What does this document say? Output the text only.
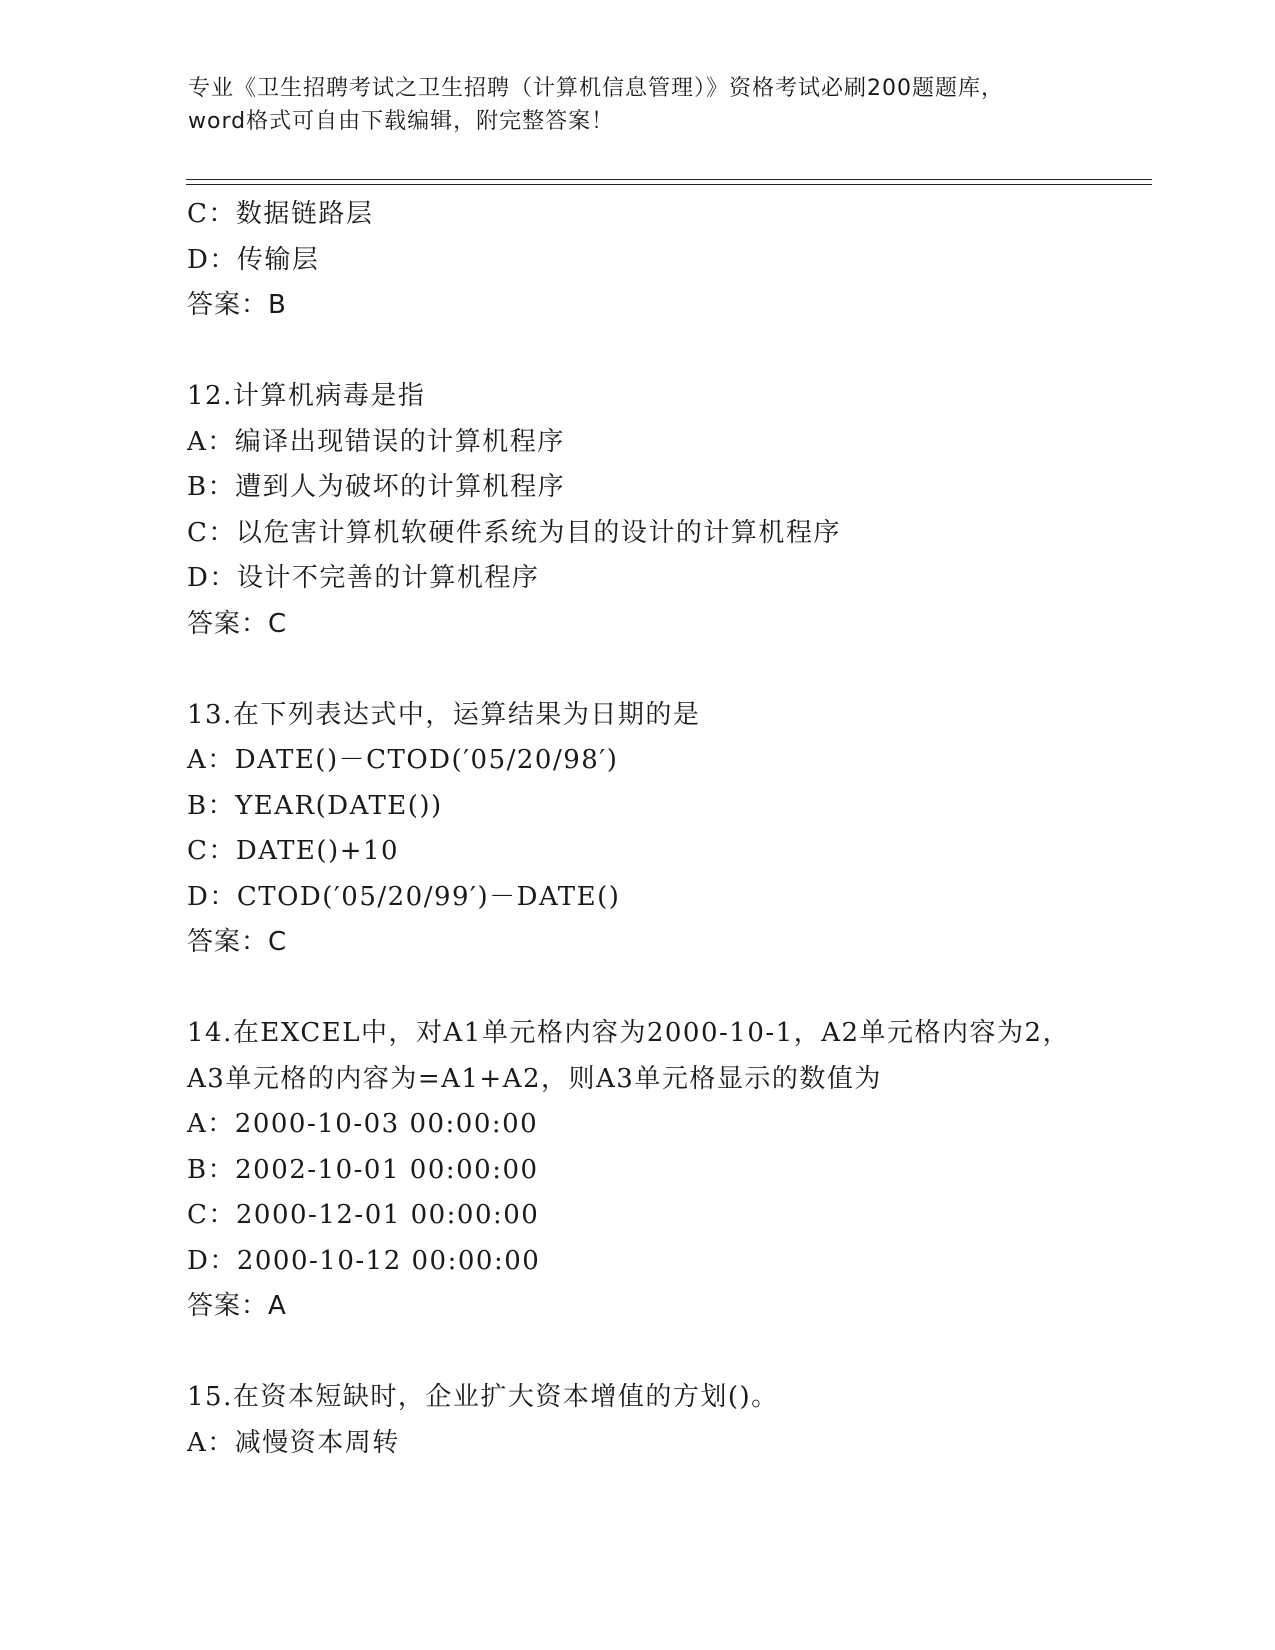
专业《卫生招聘考试之卫生招聘（计算机信息管理）》资格考试必刷200题题库，
word格式可自由下载编辑，附完整答案！
C：数据链路层
D：传输层
答案：B
12.计算机病毒是指
A：编译出现错误的计算机程序
B：遭到人为破坏的计算机程序
C：以危害计算机软硬件系统为目的设计的计算机程序
D：设计不完善的计算机程序
答案：C
13.在下列表达式中，运算结果为日期的是
A：DATE()－CTOD(′05/20/98′)
B：YEAR(DATE())
C：DATE()+10
D：CTOD(′05/20/99′)－DATE()
答案：C
14.在EXCEL中，对A1单元格内容为2000-10-1，A2单元格内容为2，
A3单元格的内容为=A1+A2，则A3单元格显示的数值为
A：2000-10-03 00:00:00
B：2002-10-01 00:00:00
C：2000-12-01 00:00:00
D：2000-10-12 00:00:00
答案：A
15.在资本短缺时，企业扩大资本增值的方划()。
A：减慢资本周转
